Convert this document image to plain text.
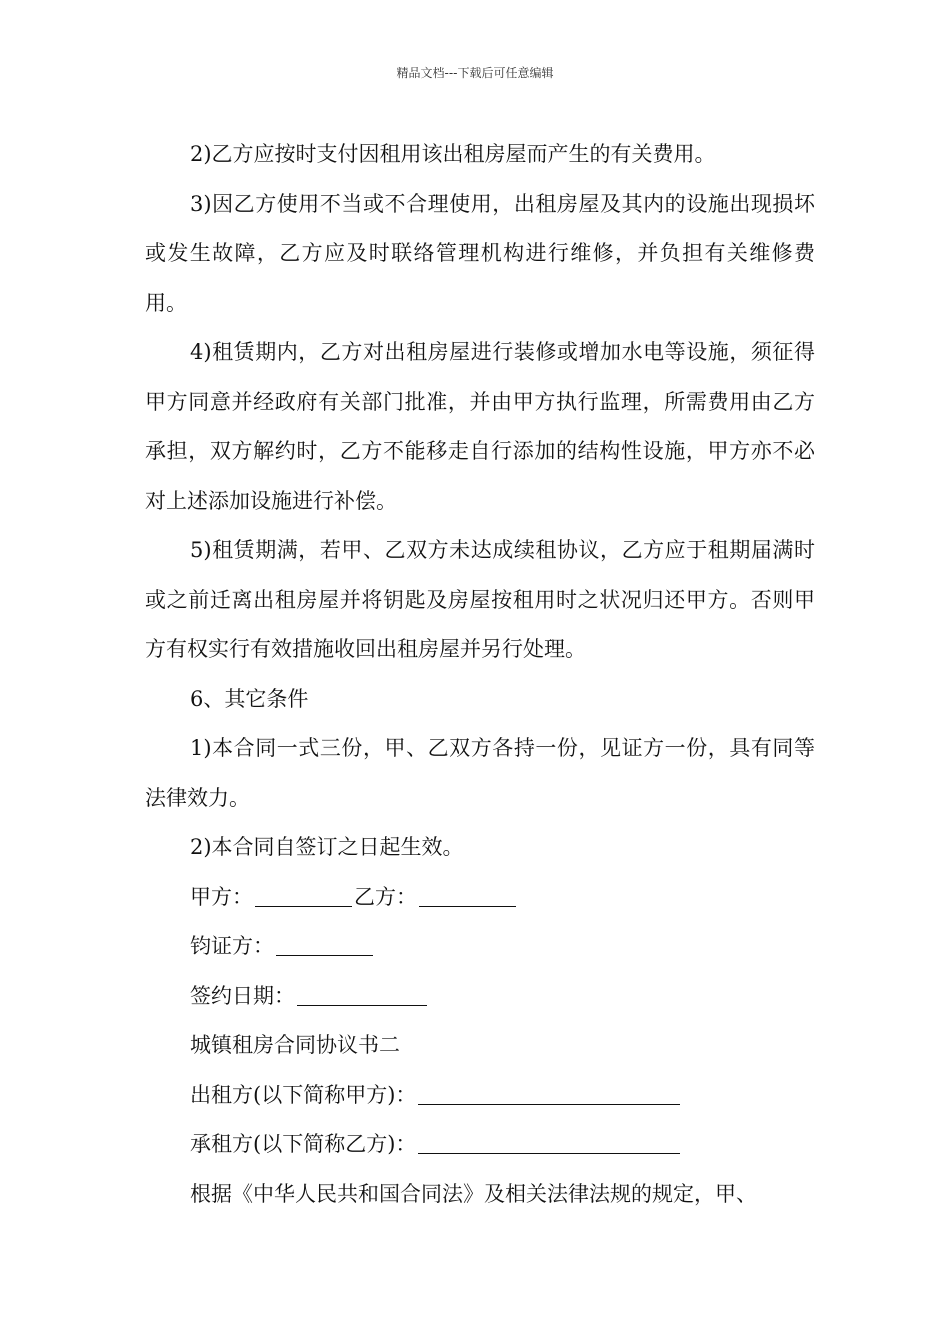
精品文档---下载后可任意编辑

2)乙方应按时支付因租用该出租房屋而产生的有关费用。

3)因乙方使用不当或不合理使用，出租房屋及其内的设施出现损坏或发生故障，乙方应及时联络管理机构进行维修，并负担有关维修费用。

4)租赁期内，乙方对出租房屋进行装修或增加水电等设施，须征得甲方同意并经政府有关部门批准，并由甲方执行监理，所需费用由乙方承担，双方解约时，乙方不能移走自行添加的结构性设施，甲方亦不必对上述添加设施进行补偿。

5)租赁期满，若甲、乙双方未达成续租协议，乙方应于租期届满时或之前迁离出租房屋并将钥匙及房屋按租用时之状况归还甲方。否则甲方有权实行有效措施收回出租房屋并另行处理。

6、其它条件

1)本合同一式三份，甲、乙双方各持一份，见证方一份，具有同等法律效力。

2)本合同自签订之日起生效。

甲方：	乙方：

钧证方：

签约日期：

城镇租房合同协议书二

出租方(以下简称甲方)：

承租方(以下简称乙方)：

根据《中华人民共和国合同法》及相关法律法规的规定，甲、
